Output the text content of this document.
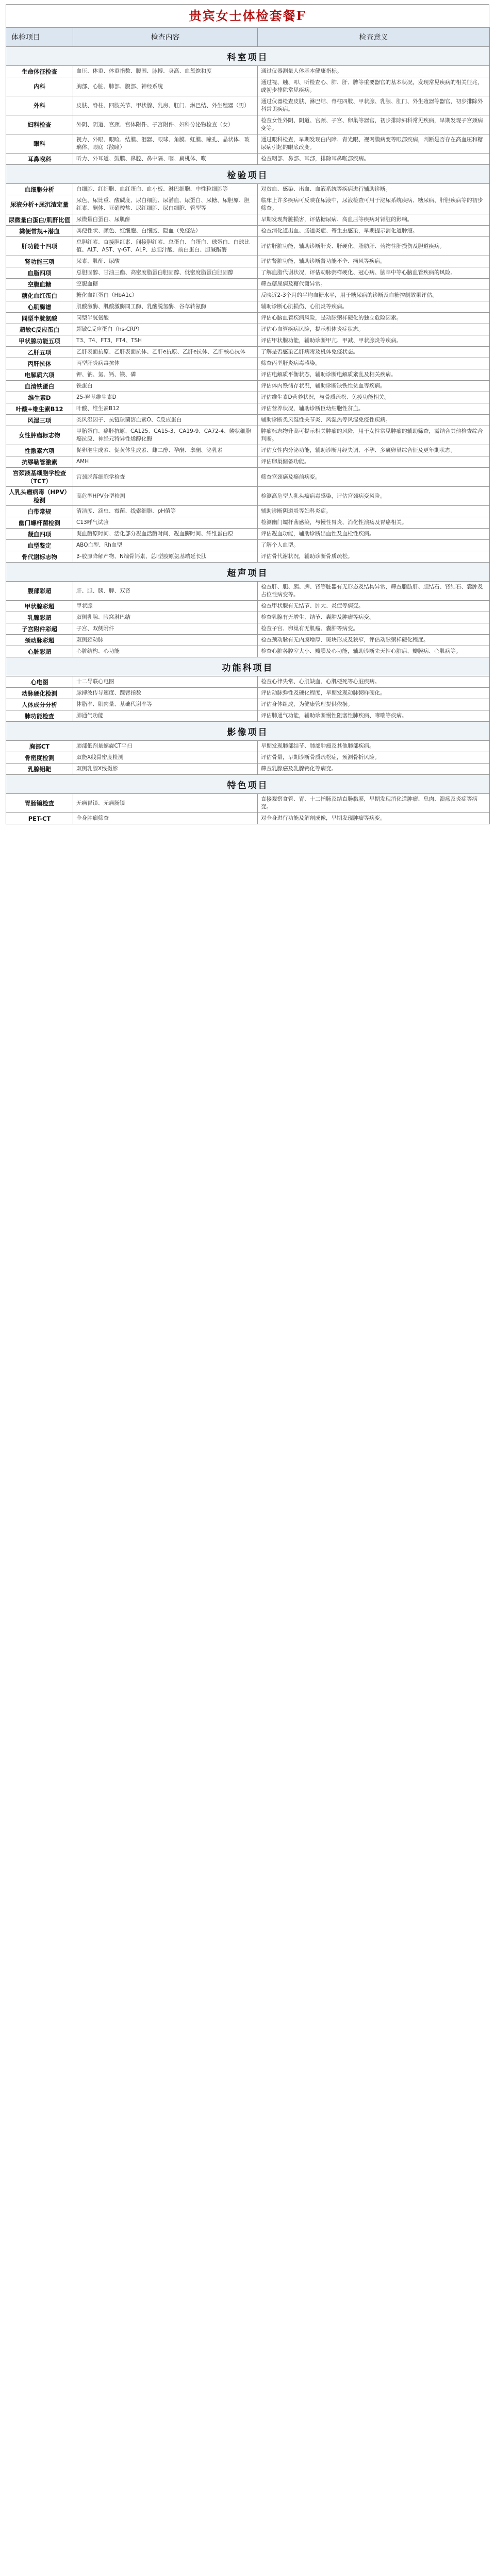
贵宾女士体检套餐F
体检项目	检查内容	检查意义
科室项目		
生命体征检查	血压、体重、体重指数、腰围、脉搏、身高、血氧饱和度	通过仪器测量人体基本健康指标。
内科	胸部、心脏、肺部、腹部、神经系统	通过视、触、叩、听检查心、肺、肝、脾等重要器官的基本状况，发现常见疾病的相关征兆，或初步排除常见疾病。
外科	皮肤、脊柱、四肢关节、甲状腺、乳房、肛门、淋巴结、外生殖器（男）	通过仪器检查皮肤、淋巴结、脊柱四肢、甲状腺、乳腺、肛门、外生殖器等器官，初步排除外科常见疾病。
妇科检查	外阴、阴道、宫颈、宫体附件、子宫附件、妇科分泌物检查（女）	检查女性外阴、阴道、宫颈、子宫、卵巢等器官，初步排除妇科常见疾病，早期发现子宫颈病变等。
眼科	视力、外眼、眼睑、结膜、泪器、眼球、角膜、虹膜、瞳孔、晶状体、玻璃体、眼底（散瞳）	通过眼科检查，早期发现白内障、青光眼、视网膜病变等眼部疾病，判断是否存在高血压和糖尿病引起的眼底改变。
耳鼻喉科	听力、外耳道、鼓膜、鼻腔、鼻中隔、咽、扁桃体、喉	检查咽部、鼻部、耳部，排除耳鼻喉部疾病。
检验项目		
血细胞分析	白细胞、红细胞、血红蛋白、血小板、淋巴细胞、中性粒细胞等	对贫血、感染、出血、血液系统等疾病进行辅助诊断。
尿液分析+尿沉渣定量	尿色、尿比重、酸碱度、尿白细胞、尿潜血、尿蛋白、尿糖、尿胆原、胆红素、酮体、亚硝酸盐、尿红细胞、尿白细胞、管型等	临床上许多疾病可反映在尿液中，尿液检查可用于泌尿系统疾病、糖尿病、肝胆疾病等的初步筛查。
尿微量白蛋白/肌酐比值	尿微量白蛋白、尿肌酐	早期发现肾脏损害，评估糖尿病、高血压等疾病对肾脏的影响。
粪便常规+潜血	粪便性状、颜色、红细胞、白细胞、隐血（免疫法）	检查消化道出血、肠道炎症、寄生虫感染，早期提示消化道肿瘤。
肝功能十四项	总胆红素、直接胆红素、间接胆红素、总蛋白、白蛋白、球蛋白、白球比值、ALT、AST、γ-GT、ALP、总胆汁酸、前白蛋白、胆碱酯酶	评估肝脏功能，辅助诊断肝炎、肝硬化、脂肪肝、药物性肝损伤及胆道疾病。
肾功能三项	尿素、肌酐、尿酸	评估肾脏功能，辅助诊断肾功能不全、痛风等疾病。
血脂四项	总胆固醇、甘油三酯、高密度脂蛋白胆固醇、低密度脂蛋白胆固醇	了解血脂代谢状况，评估动脉粥样硬化、冠心病、脑卒中等心脑血管疾病的风险。
空腹血糖	空腹血糖	筛查糖尿病及糖代谢异常。
糖化血红蛋白	糖化血红蛋白（HbA1c）	反映近2-3个月的平均血糖水平，用于糖尿病的诊断及血糖控制效果评估。
心肌酶谱	肌酸激酶、肌酸激酶同工酶、乳酸脱氢酶、谷草转氨酶	辅助诊断心肌损伤、心肌炎等疾病。
同型半胱氨酸	同型半胱氨酸	评估心脑血管疾病风险，是动脉粥样硬化的独立危险因素。
超敏C反应蛋白	超敏C反应蛋白（hs-CRP）	评估心血管疾病风险，提示机体炎症状态。
甲状腺功能五项	T3、T4、FT3、FT4、TSH	评估甲状腺功能，辅助诊断甲亢、甲减、甲状腺炎等疾病。
乙肝五项	乙肝表面抗原、乙肝表面抗体、乙肝e抗原、乙肝e抗体、乙肝核心抗体	了解是否感染乙肝病毒及机体免疫状态。
丙肝抗体	丙型肝炎病毒抗体	筛查丙型肝炎病毒感染。
电解质六项	钾、钠、氯、钙、镁、磷	评估电解质平衡状态，辅助诊断电解质紊乱及相关疾病。
血清铁蛋白	铁蛋白	评估体内铁储存状况，辅助诊断缺铁性贫血等疾病。
维生素D	25-羟基维生素D	评估维生素D营养状况，与骨质疏松、免疫功能相关。
叶酸+维生素B12	叶酸、维生素B12	评估营养状况，辅助诊断巨幼细胞性贫血。
风湿三项	类风湿因子、抗链球菌溶血素O、C反应蛋白	辅助诊断类风湿性关节炎、风湿热等风湿免疫性疾病。
女性肿瘤标志物	甲胎蛋白、癌胚抗原、CA125、CA15-3、CA19-9、CA72-4、鳞状细胞癌抗原、神经元特异性烯醇化酶	肿瘤标志物升高可提示相关肿瘤的风险，用于女性常见肿瘤的辅助筛查，需结合其他检查综合判断。
性激素六项	促卵泡生成素、促黄体生成素、雌二醇、孕酮、睾酮、泌乳素	评估女性内分泌功能，辅助诊断月经失调、不孕、多囊卵巢综合征及更年期状态。
抗缪勒管激素	AMH	评估卵巢储备功能。
宫颈液基细胞学检查（TCT）	宫颈脱落细胞学检查	筛查宫颈癌及癌前病变。
人乳头瘤病毒（HPV）检测	高危型HPV分型检测	检测高危型人乳头瘤病毒感染，评估宫颈病变风险。
白带常规	清洁度、滴虫、霉菌、线索细胞、pH值等	辅助诊断阴道炎等妇科炎症。
幽门螺杆菌检测	C13呼气试验	检测幽门螺杆菌感染，与慢性胃炎、消化性溃疡及胃癌相关。
凝血四项	凝血酶原时间、活化部分凝血活酶时间、凝血酶时间、纤维蛋白原	评估凝血功能，辅助诊断出血性及血栓性疾病。
血型鉴定	ABO血型、Rh血型	了解个人血型。
骨代谢标志物	β-胶原降解产物、N端骨钙素、总I型胶原氨基端延长肽	评估骨代谢状况，辅助诊断骨质疏松。
超声项目		
腹部彩超	肝、胆、胰、脾、双肾	检查肝、胆、胰、脾、肾等脏器有无形态及结构异常，筛查脂肪肝、胆结石、肾结石、囊肿及占位性病变等。
甲状腺彩超	甲状腺	检查甲状腺有无结节、肿大、炎症等病变。
乳腺彩超	双侧乳腺、腋窝淋巴结	检查乳腺有无增生、结节、囊肿及肿瘤等病变。
子宫附件彩超	子宫、双侧附件	检查子宫、卵巢有无肌瘤、囊肿等病变。
颈动脉彩超	双侧颈动脉	检查颈动脉有无内膜增厚、斑块形成及狭窄，评估动脉粥样硬化程度。
心脏彩超	心脏结构、心功能	检查心脏各腔室大小、瓣膜及心功能，辅助诊断先天性心脏病、瓣膜病、心肌病等。
功能科项目		
心电图	十二导联心电图	检查心律失常、心肌缺血、心肌梗死等心脏疾病。
动脉硬化检测	脉搏波传导速度、踝臂指数	评估动脉弹性及硬化程度，早期发现动脉粥样硬化。
人体成分分析	体脂率、肌肉量、基础代谢率等	评估身体组成，为健康管理提供依据。
肺功能检查	肺通气功能	评估肺通气功能，辅助诊断慢性阻塞性肺疾病、哮喘等疾病。
影像项目		
胸部CT	肺部低剂量螺旋CT平扫	早期发现肺部结节、肺部肿瘤及其他肺部疾病。
骨密度检测	双能X线骨密度检测	评估骨量，早期诊断骨质疏松症，预测骨折风险。
乳腺钼靶	双侧乳腺X线摄影	筛查乳腺癌及乳腺钙化等病变。
特色项目		
胃肠镜检查	无痛胃镜、无痛肠镜	直接观察食管、胃、十二指肠及结直肠黏膜，早期发现消化道肿瘤、息肉、溃疡及炎症等病变。
PET-CT	全身肿瘤筛查	对全身进行功能及解剖成像，早期发现肿瘤等病变。
